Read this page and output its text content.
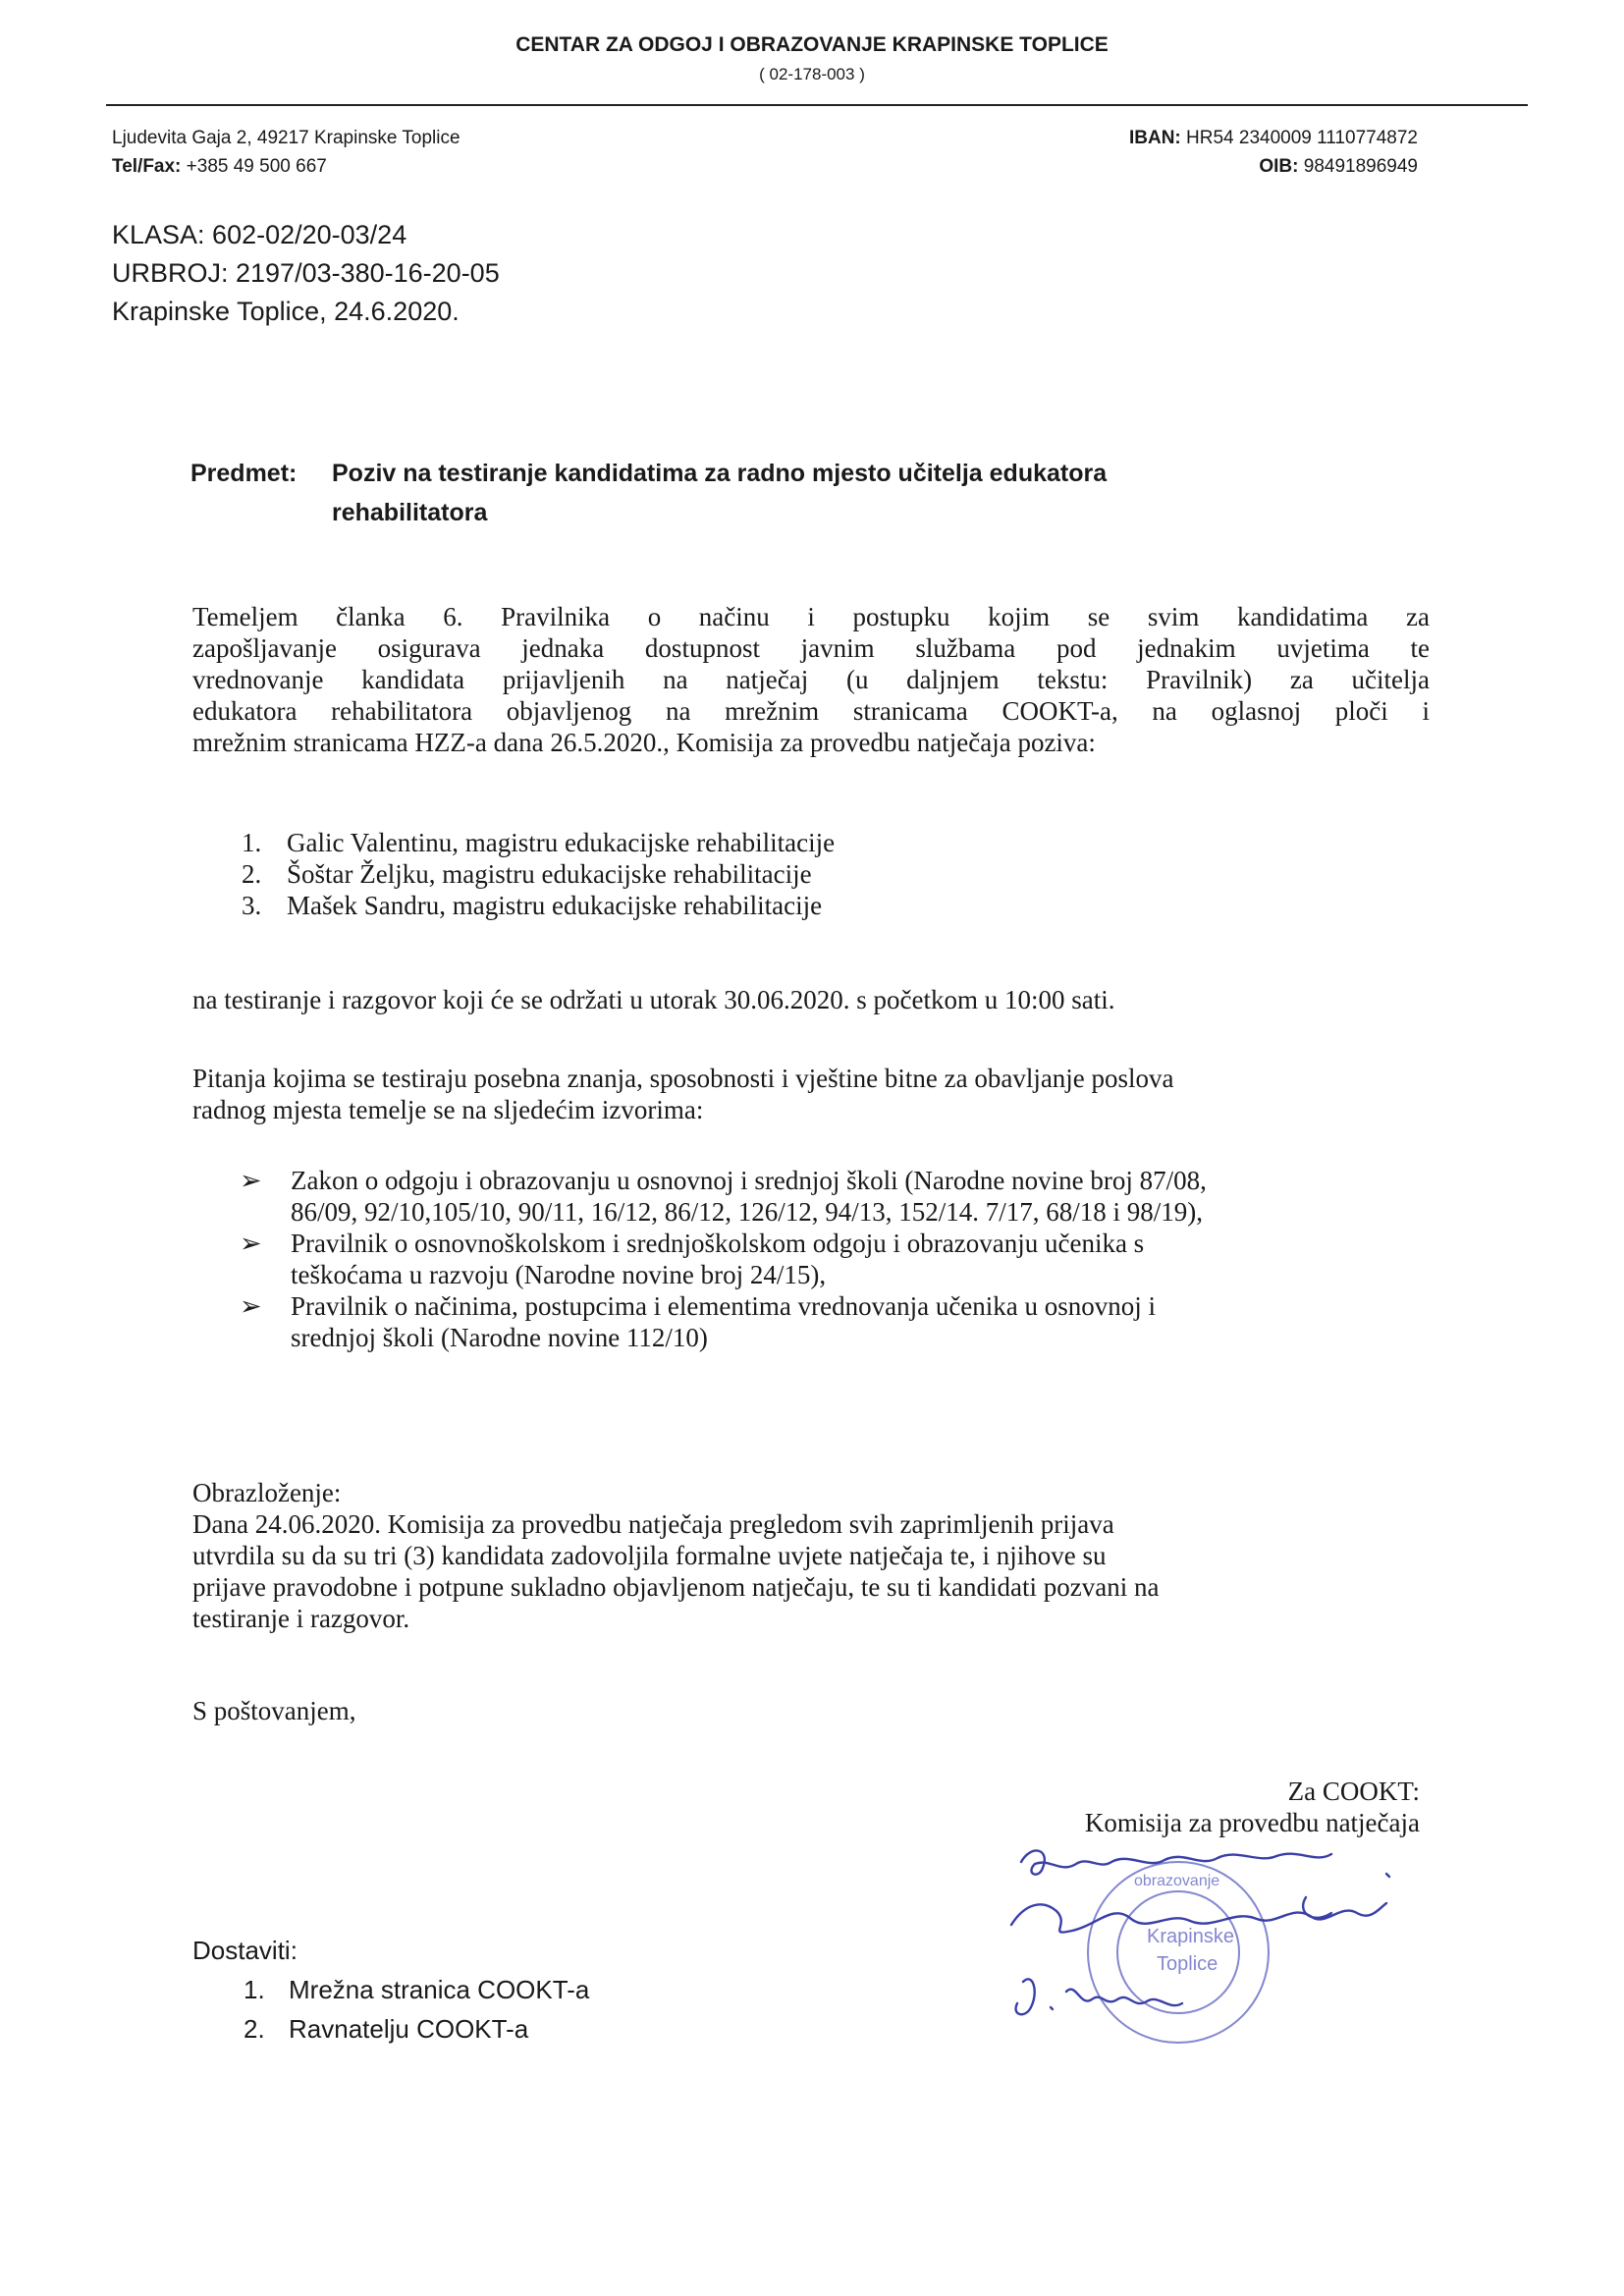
CENTAR ZA ODGOJ I OBRAZOVANJE KRAPINSKE TOPLICE
( 02-178-003 )
Ljudevita Gaja 2, 49217 Krapinske Toplice
Tel/Fax: +385 49 500 667
IBAN: HR54 2340009 1110774872
OIB: 98491896949
KLASA: 602-02/20-03/24
URBROJ: 2197/03-380-16-20-05
Krapinske Toplice, 24.6.2020.
Predmet: Poziv na testiranje kandidatima za radno mjesto učitelja edukatora
rehabilitatora
Temeljem članka 6. Pravilnika o načinu i postupku kojim se svim kandidatima za
zapošljavanje osigurava jednaka dostupnost javnim službama pod jednakim uvjetima te
vrednovanje kandidata prijavljenih na natječaj (u daljnjem tekstu: Pravilnik) za učitelja
edukatora rehabilitatora objavljenog na mrežnim stranicama COOKT-a, na oglasnoj ploči i
mrežnim stranicama HZZ-a dana 26.5.2020., Komisija za provedbu natječaja poziva:
1. Galic Valentinu, magistru edukacijske rehabilitacije
2. Šoštar Željku, magistru edukacijske rehabilitacije
3. Mašek Sandru, magistru edukacijske rehabilitacije
na testiranje i razgovor koji će se održati u utorak 30.06.2020. s početkom u 10:00 sati.
Pitanja kojima se testiraju posebna znanja, sposobnosti i vještine bitne za obavljanje poslova
radnog mjesta temelje se na sljedećim izvorima:
➢ Zakon o odgoju i obrazovanju u osnovnoj i srednjoj školi (Narodne novine broj 87/08,
86/09, 92/10,105/10, 90/11, 16/12, 86/12, 126/12, 94/13, 152/14. 7/17, 68/18 i 98/19),
➢ Pravilnik o osnovnoškolskom i srednjoškolskom odgoju i obrazovanju učenika s
teškoćama u razvoju (Narodne novine broj 24/15),
➢ Pravilnik o načinima, postupcima i elementima vrednovanja učenika u osnovnoj i
srednjoj školi (Narodne novine 112/10)
Obrazloženje:
Dana 24.06.2020. Komisija za provedbu natječaja pregledom svih zaprimljenih prijava
utvrdila su da su tri (3) kandidata zadovoljila formalne uvjete natječaja te, i njihove su
prijave pravodobne i potpune sukladno objavljenom natječaju, te su ti kandidati pozvani na
testiranje i razgovor.
S poštovanjem,
Za COOKT:
Komisija za provedbu natječaja
obrazovanje
Krapinske
Toplice
Dostaviti:
1. Mrežna stranica COOKT-a
2. Ravnatelju COOKT-a
